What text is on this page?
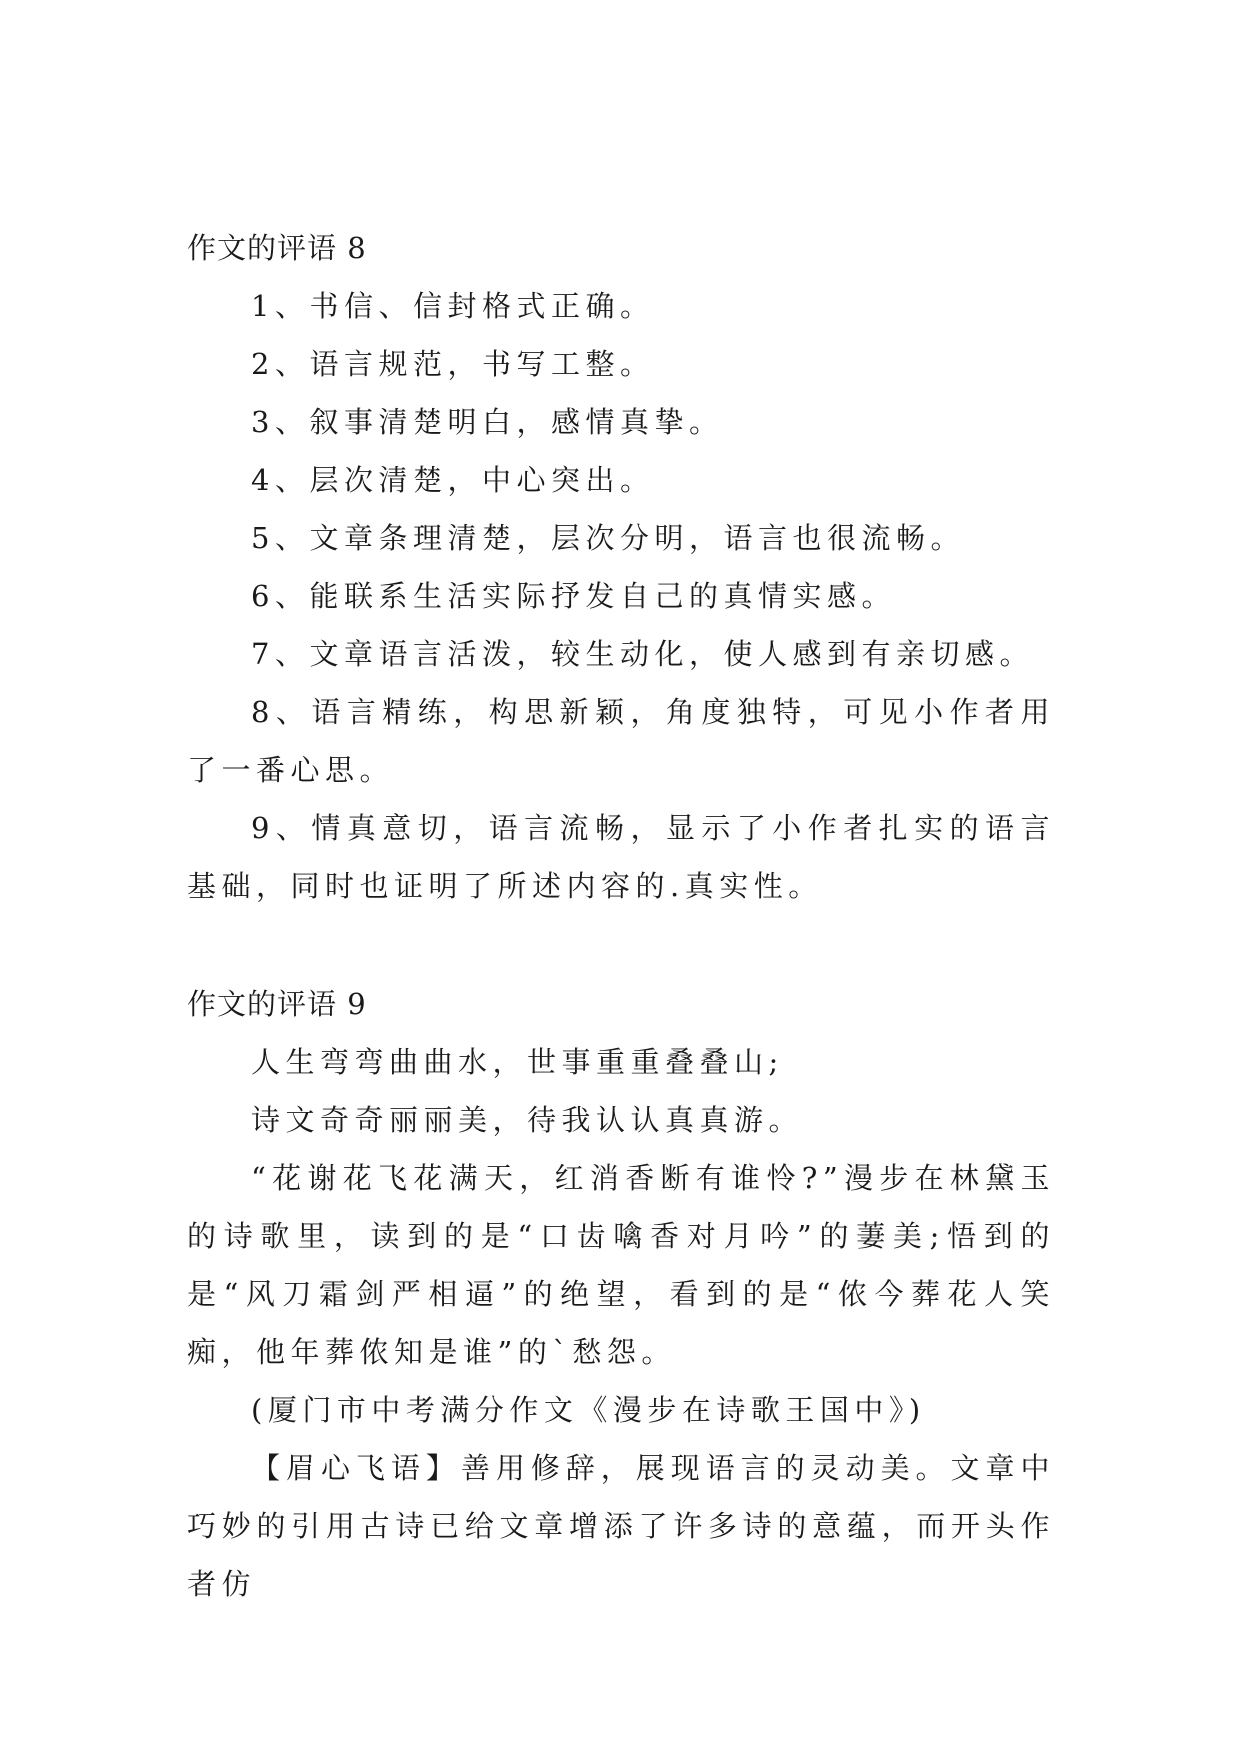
作文的评语 8

1、书信、信封格式正确。

2、语言规范，书写工整。

3、叙事清楚明白，感情真挚。

4、层次清楚，中心突出。

5、文章条理清楚，层次分明，语言也很流畅。

6、能联系生活实际抒发自己的真情实感。

7、文章语言活泼，较生动化，使人感到有亲切感。

8、语言精练，构思新颖，角度独特，可见小作者用了一番心思。

9、情真意切，语言流畅，显示了小作者扎实的语言基础，同时也证明了所述内容的.真实性。

作文的评语 9

人生弯弯曲曲水，世事重重叠叠山;

诗文奇奇丽丽美，待我认认真真游。

“花谢花飞花满天，红消香断有谁怜?”漫步在林黛玉的诗歌里，读到的是“口齿噙香对月吟”的萋美;悟到的是“风刀霜剑严相逼”的绝望，看到的是“侬今葬花人笑痴，他年葬侬知是谁”的`愁怨。

(厦门市中考满分作文《漫步在诗歌王国中》)

【眉心飞语】善用修辞，展现语言的灵动美。文章中巧妙的引用古诗已给文章增添了许多诗的意蕴，而开头作者仿
